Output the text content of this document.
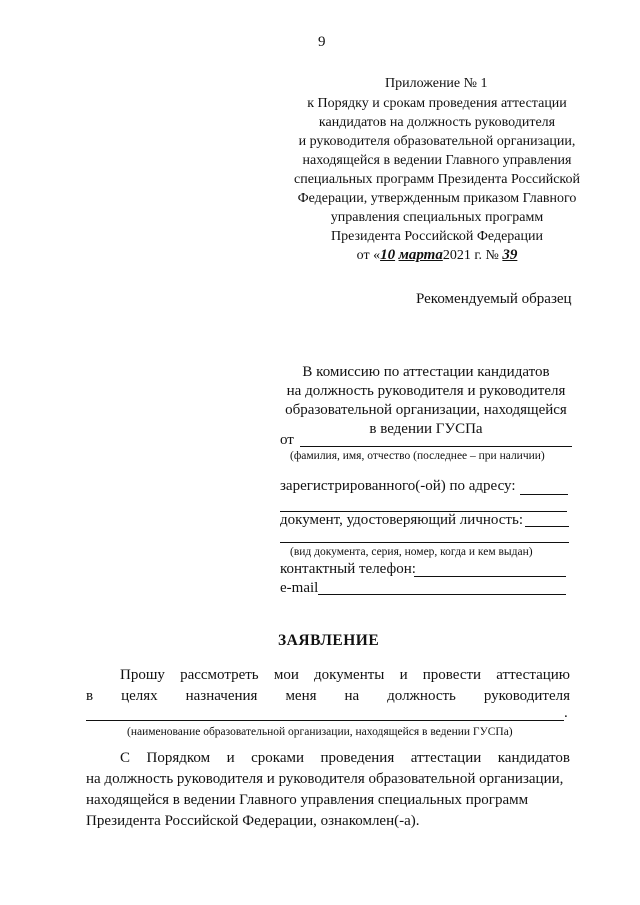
9
Приложение № 1
к Порядку и срокам проведения аттестации
кандидатов на должность руководителя
и руководителя образовательной организации,
находящейся в ведении Главного управления
специальных программ Президента Российской
Федерации, утвержденным приказом Главного
управления специальных программ
Президента Российской Федерации
от «10 марта2021 г. № 39
Рекомендуемый образец
В комиссию по аттестации кандидатов
на должность руководителя и руководителя
образовательной организации, находящейся
в ведении ГУСПа
от
(фамилия, имя, отчество (последнее – при наличии)
зарегистрированного(-ой) по адресу:
документ, удостоверяющий личность:
(вид документа, серия, номер, когда и кем выдан)
контактный телефон:
e-mail
ЗАЯВЛЕНИЕ
Прошу рассмотреть мои документы и провести аттестацию
в целях назначения меня на должность руководителя
.
(наименование образовательной организации, находящейся в ведении ГУСПа)
С Порядком и сроками проведения аттестации кандидатов
на должность руководителя и руководителя образовательной организации,
находящейся в ведении Главного управления специальных программ
Президента Российской Федерации, ознакомлен(-а).
